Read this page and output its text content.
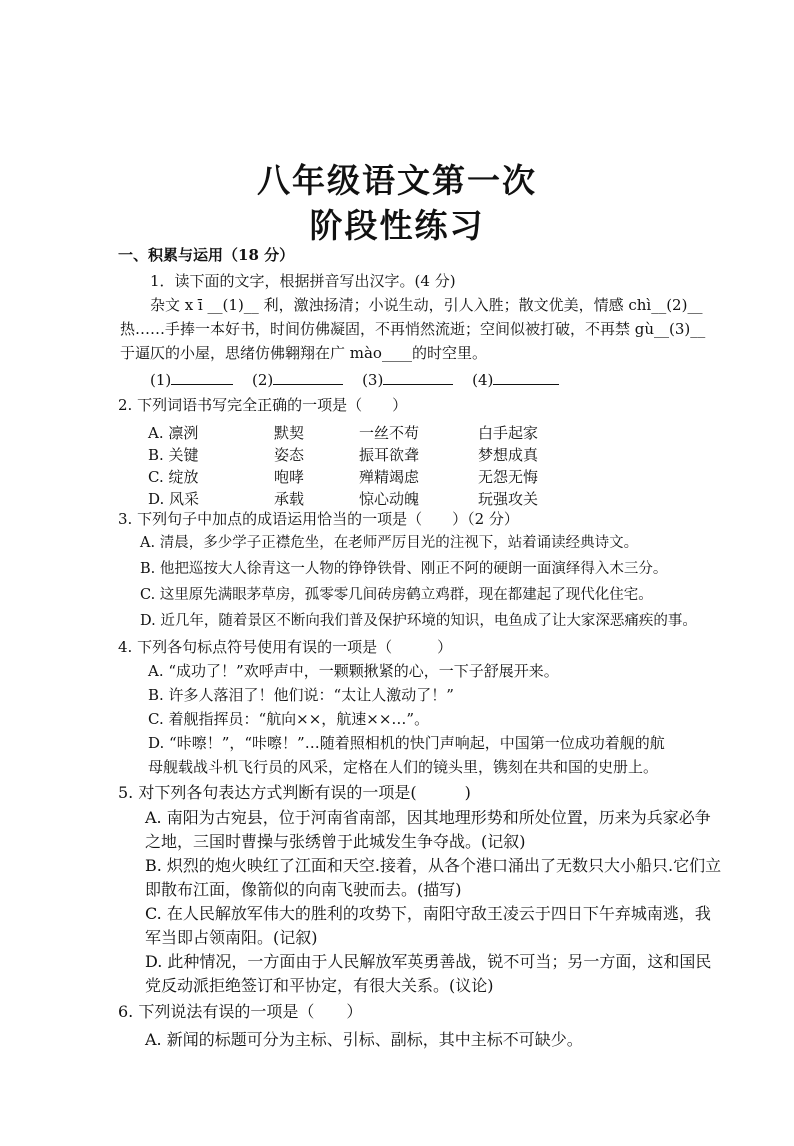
八年级语文第一次
阶段性练习
一、积累与运用（18 分）
1．读下面的文字，根据拼音写出汉字。(4 分)
杂文 x ī __(1)__ 利，激浊扬清；小说生动，引人入胜；散文优美，情感 chì__(2)__
热……手捧一本好书，时间仿佛凝固，不再悄然流逝；空间似被打破，不再禁 gù__(3)__
于逼仄的小屋，思绪仿佛翱翔在广 mào____的时空里。
(1)	(2)	(3)	(4)
2. 下列词语书写完全正确的一项是（　　）
A. 凛洌	默契	一丝不苟	白手起家
B. 关键	姿态	振耳欲聋	梦想成真
C. 绽放	咆哮	殚精竭虑	无怨无悔
D. 风采	承载	惊心动魄	玩强攻关
3. 下列句子中加点的成语运用恰当的一项是（　　）（2 分）
A. 清晨，多少学子正襟危坐，在老师严厉目光的注视下，站着诵读经典诗文。
B. 他把巡按大人徐青这一人物的铮铮铁骨、刚正不阿的硬朗一面演绎得入木三分。
C. 这里原先满眼茅草房，孤零零几间砖房鹤立鸡群，现在都建起了现代化住宅。
D. 近几年，随着景区不断向我们普及保护环境的知识，电鱼成了让大家深恶痛疾的事。
4. 下列各句标点符号使用有误的一项是（　　　）
A. “成功了！”欢呼声中，一颗颗揪紧的心，一下子舒展开来。
B. 许多人落泪了！他们说：“太让人激动了！”
C. 着舰指挥员：“航向××，航速××…”。
D. “咔嚓！”，“咔嚓！”…随着照相机的快门声响起，中国第一位成功着舰的航
母舰载战斗机飞行员的风采，定格在人们的镜头里，镌刻在共和国的史册上。
5. 对下列各句表达方式判断有误的一项是(　　　)
A. 南阳为古宛县，位于河南省南部，因其地理形势和所处位置，历来为兵家必争
之地，三国时曹操与张绣曾于此城发生争夺战。(记叙)
B. 炽烈的炮火映红了江面和天空.接着，从各个港口涌出了无数只大小船只.它们立
即散布江面，像箭似的向南飞驶而去。(描写)
C. 在人民解放军伟大的胜利的攻势下，南阳守敌王凌云于四日下午弃城南逃，我
军当即占领南阳。(记叙)
D. 此种情况，一方面由于人民解放军英勇善战，锐不可当；另一方面，这和国民
党反动派拒绝签订和平协定，有很大关系。(议论)
6. 下列说法有误的一项是（　　）
A. 新闻的标题可分为主标、引标、副标，其中主标不可缺少。
